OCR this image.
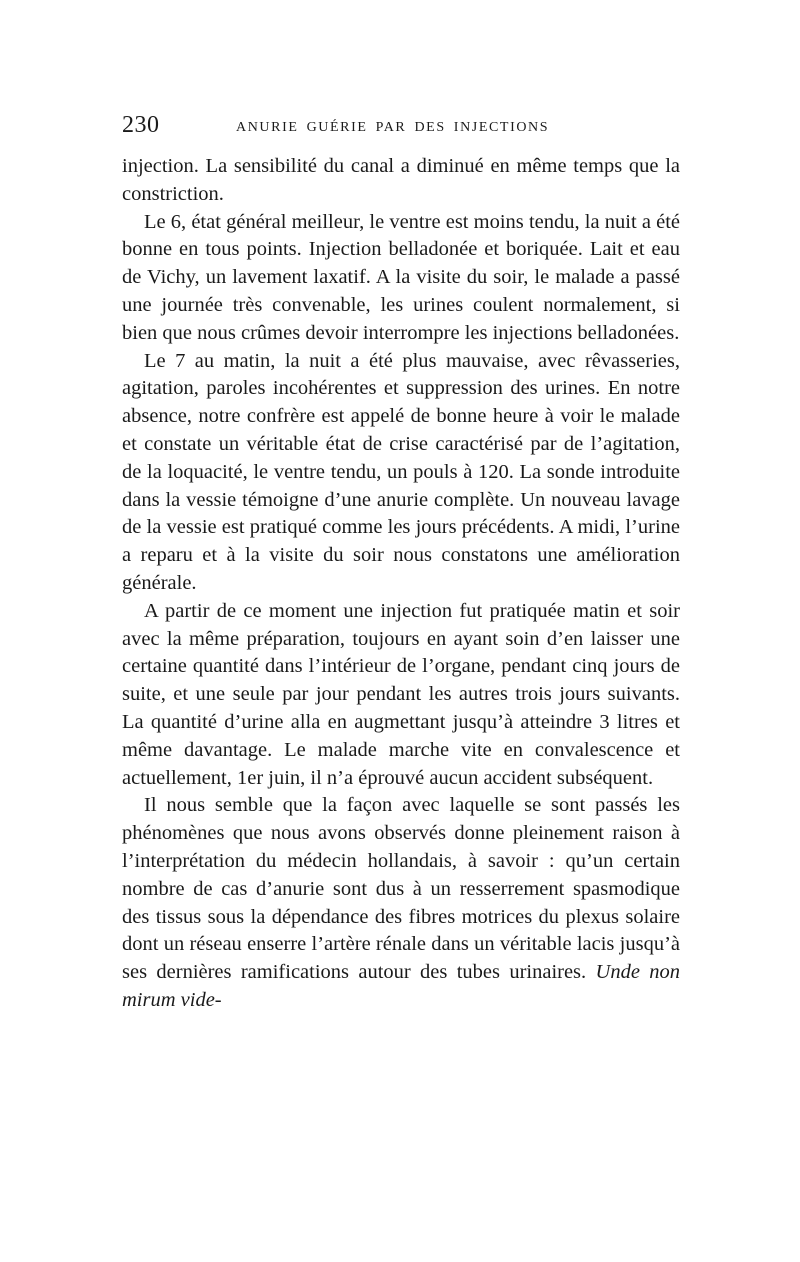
230	ANURIE GUÉRIE PAR DES INJECTIONS

injection. La sensibilité du canal a diminué en même temps que la constriction.

Le 6, état général meilleur, le ventre est moins tendu, la nuit a été bonne en tous points. Injection belladonée et boriquée. Lait et eau de Vichy, un lavement laxatif. A la visite du soir, le malade a passé une journée très convenable, les urines coulent normalement, si bien que nous crûmes devoir interrompre les injections belladonées.

Le 7 au matin, la nuit a été plus mauvaise, avec rêvasseries, agitation, paroles incohérentes et suppression des urines. En notre absence, notre confrère est appelé de bonne heure à voir le malade et constate un véritable état de crise caractérisé par de l’agitation, de la loquacité, le ventre tendu, un pouls à 120. La sonde introduite dans la vessie témoigne d’une anurie complète. Un nouveau lavage de la vessie est pratiqué comme les jours précédents. A midi, l’urine a reparu et à la visite du soir nous constatons une amélioration générale.

A partir de ce moment une injection fut pratiquée matin et soir avec la même préparation, toujours en ayant soin d’en laisser une certaine quantité dans l’intérieur de l’organe, pendant cinq jours de suite, et une seule par jour pendant les autres trois jours suivants. La quantité d’urine alla en augmettant jusqu’à atteindre 3 litres et même davantage. Le malade marche vite en convalescence et actuellement, 1er juin, il n’a éprouvé aucun accident subséquent.

Il nous semble que la façon avec laquelle se sont passés les phénomènes que nous avons observés donne pleinement raison à l’interprétation du médecin hollandais, à savoir : qu’un certain nombre de cas d’anurie sont dus à un resserrement spasmodique des tissus sous la dépendance des fibres motrices du plexus solaire dont un réseau enserre l’artère rénale dans un véritable lacis jusqu’à ses dernières ramifications autour des tubes urinaires. Unde non mirum vide-
